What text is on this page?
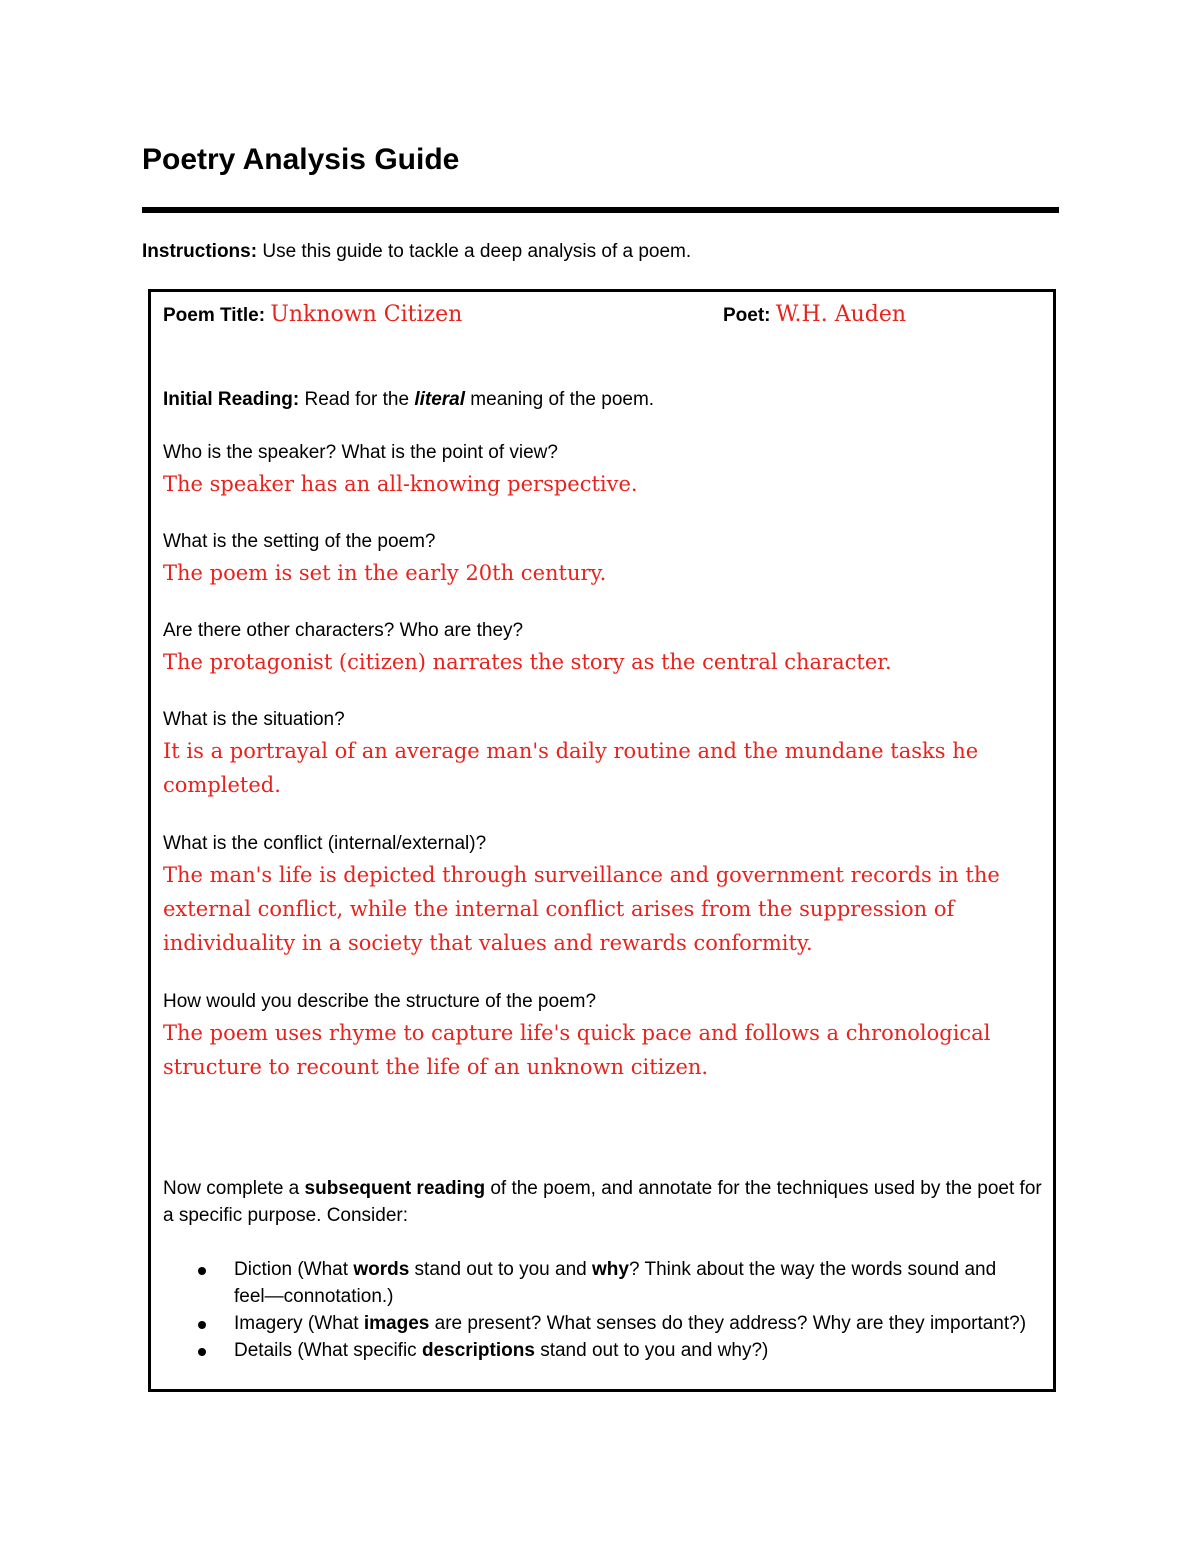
Poetry Analysis Guide
Instructions: Use this guide to tackle a deep analysis of a poem.
Poem Title: Unknown Citizen	Poet: W.H. Auden
Initial Reading: Read for the literal meaning of the poem.
Who is the speaker? What is the point of view?
The speaker has an all-knowing perspective.
What is the setting of the poem?
The poem is set in the early 20th century.
Are there other characters? Who are they?
The protagonist (citizen) narrates the story as the central character.
What is the situation?
It is a portrayal of an average man's daily routine and the mundane tasks he completed.
What is the conflict (internal/external)?
The man's life is depicted through surveillance and government records in the external conflict, while the internal conflict arises from the suppression of individuality in a society that values and rewards conformity.
How would you describe the structure of the poem?
The poem uses rhyme to capture life's quick pace and follows a chronological structure to recount the life of an unknown citizen.
Now complete a subsequent reading of the poem, and annotate for the techniques used by the poet for a specific purpose. Consider:
Diction (What words stand out to you and why? Think about the way the words sound and feel—connotation.)
Imagery (What images are present? What senses do they address? Why are they important?)
Details (What specific descriptions stand out to you and why?)
